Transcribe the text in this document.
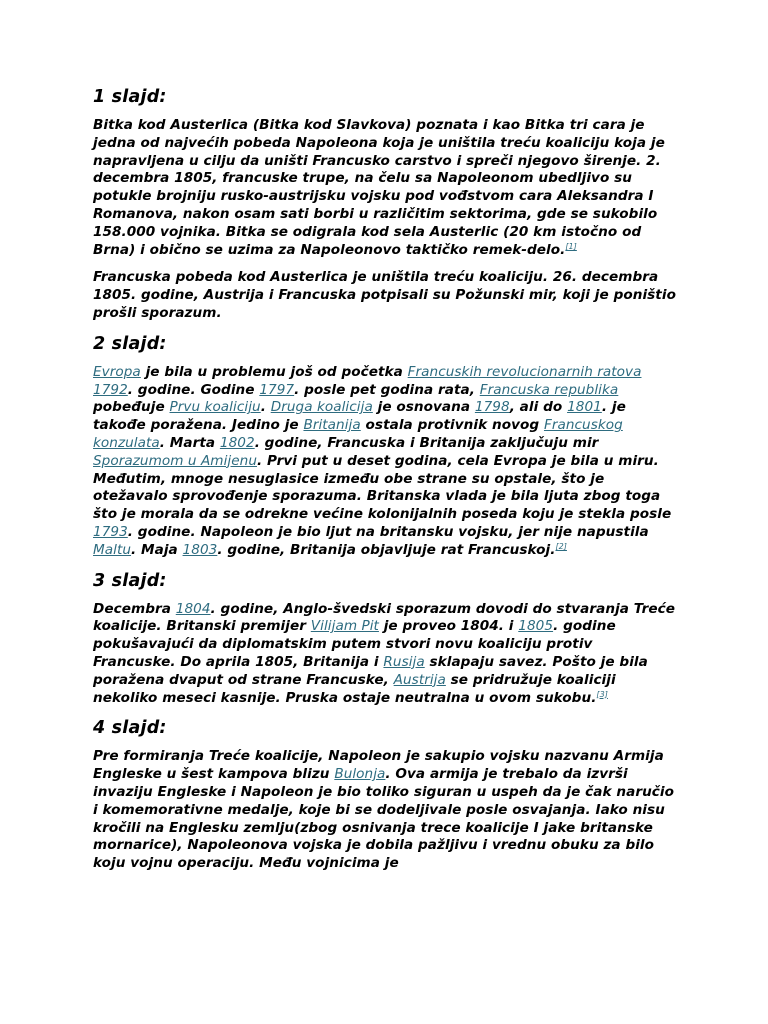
1 slajd:

Bitka kod Austerlica (Bitka kod Slavkova) poznata i kao Bitka tri cara je jedna od najvećih pobeda Napoleona koja je uništila treću koaliciju koja je napravljena u cilju da uništi Francusko carstvo i spreči njegovo širenje. 2. decembra 1805, francuske trupe, na čelu sa Napoleonom ubedljivo su potukle brojniju rusko-austrijsku vojsku pod vođstvom cara Aleksandra I Romanova, nakon osam sati borbi u različitim sektorima, gde se sukobilo 158.000 vojnika. Bitka se odigrala kod sela Austerlic (20 km istočno od Brna) i obično se uzima za Napoleonovo taktičko remek-delo.[1]

Francuska pobeda kod Austerlica je uništila treću koaliciju. 26. decembra 1805. godine, Austrija i Francuska potpisali su Požunski mir, koji je poništio prošli sporazum.

2 slajd:

Evropa je bila u problemu još od početka Francuskih revolucionarnih ratova 1792. godine. Godine 1797. posle pet godina rata, Francuska republika pobeđuje Prvu koaliciju. Druga koalicija je osnovana 1798, ali do 1801. je takođe poražena. Jedino je Britanija ostala protivnik novog Francuskog konzulata. Marta 1802. godine, Francuska i Britanija zaključuju mir Sporazumom u Amijenu. Prvi put u deset godina, cela Evropa je bila u miru. Međutim, mnoge nesuglasice između obe strane su opstale, što je otežavalo sprovođenje sporazuma. Britanska vlada je bila ljuta zbog toga što je morala da se odrekne većine kolonijalnih poseda koju je stekla posle 1793. godine. Napoleon je bio ljut na britansku vojsku, jer nije napustila Maltu. Maja 1803. godine, Britanija objavljuje rat Francuskoj.[2]

3 slajd:

Decembra 1804. godine, Anglo-švedski sporazum dovodi do stvaranja Treće koalicije. Britanski premijer Vilijam Pit je proveo 1804. i 1805. godine pokušavajući da diplomatskim putem stvori novu koaliciju protiv Francuske. Do aprila 1805, Britanija i Rusija sklapaju savez. Pošto je bila poražena dvaput od strane Francuske, Austrija se pridružuje koaliciji nekoliko meseci kasnije. Pruska ostaje neutralna u ovom sukobu.[3]

4 slajd:

Pre formiranja Treće koalicije, Napoleon je sakupio vojsku nazvanu Armija Engleske u šest kampova blizu Bulonja. Ova armija je trebalo da izvrši invaziju Engleske i Napoleon je bio toliko siguran u uspeh da je čak naručio i komemorativne medalje, koje bi se dodeljivale posle osvajanja. Iako nisu kročili na Englesku zemlju(zbog osnivanja trece koalicije I jake britanske mornarice), Napoleonova vojska je dobila pažljivu i vrednu obuku za bilo koju vojnu operaciju. Među vojnicima je
